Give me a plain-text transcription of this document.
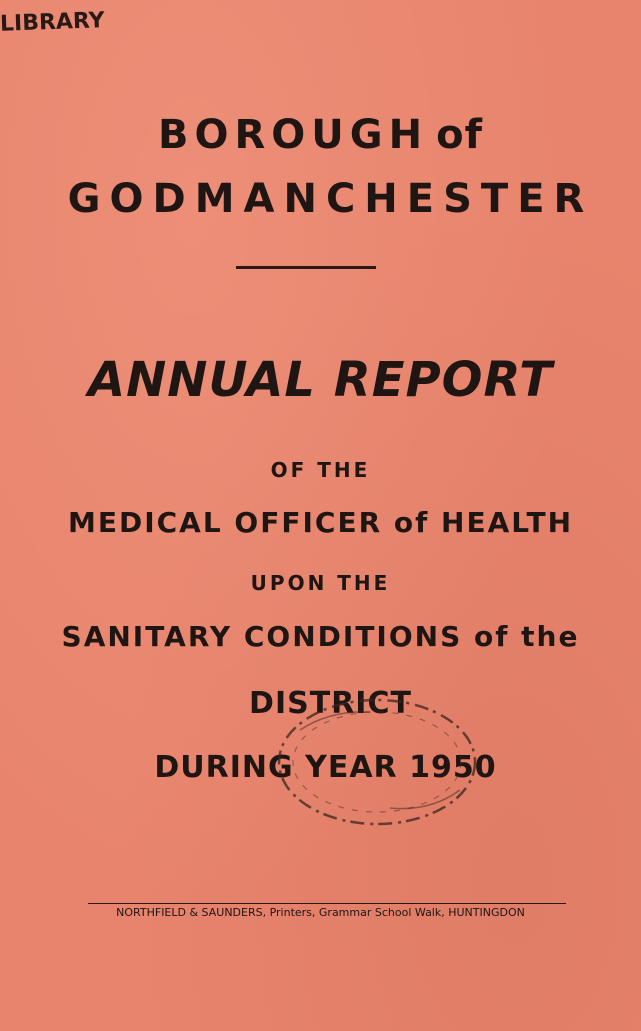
LIBRARY
BOROUGH of
GODMANCHESTER
ANNUAL REPORT
OF THE
MEDICAL OFFICER of HEALTH
UPON THE
SANITARY CONDITIONS of the
DISTRICT
DURING YEAR 1950
NORTHFIELD & SAUNDERS, Printers, Grammar School Walk, HUNTINGDON
